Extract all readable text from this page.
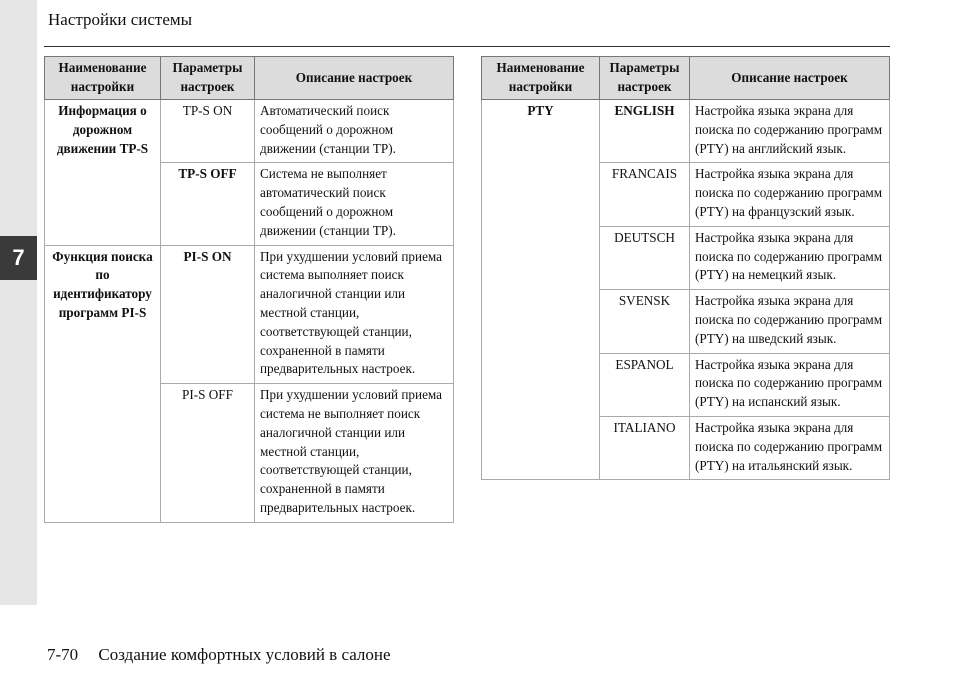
7
Настройки системы
Наименование настройки	Параметры настроек	Описание настроек
Информация о дорожном движении TP-S	TP-S ON	Автоматический поиск сообщений о дорожном движении (станции TP).
	TP-S OFF	Система не выполняет автоматический поиск сообщений о дорожном движении (станции TP).
Функция поиска по идентификатору программ PI-S	PI-S ON	При ухудшении условий приема система выполняет поиск аналогичной станции или местной станции, соответствующей станции, сохраненной в памяти предварительных настроек.
	PI-S OFF	При ухудшении условий приема система не выполняет поиск аналогичной станции или местной станции, соответствующей станции, сохраненной в памяти предварительных настроек.
Наименование настройки	Параметры настроек	Описание настроек
PTY	ENGLISH	Настройка языка экрана для поиска по содержанию программ (PTY) на английский язык.
	FRANCAIS	Настройка языка экрана для поиска по содержанию программ (PTY) на французский язык.
	DEUTSCH	Настройка языка экрана для поиска по содержанию программ (PTY) на немецкий язык.
	SVENSK	Настройка языка экрана для поиска по содержанию программ (PTY) на шведский язык.
	ESPANOL	Настройка языка экрана для поиска по содержанию программ (PTY) на испанский язык.
	ITALIANO	Настройка языка экрана для поиска по содержанию программ (PTY) на итальянский язык.
7-70 Создание комфортных условий в салоне
